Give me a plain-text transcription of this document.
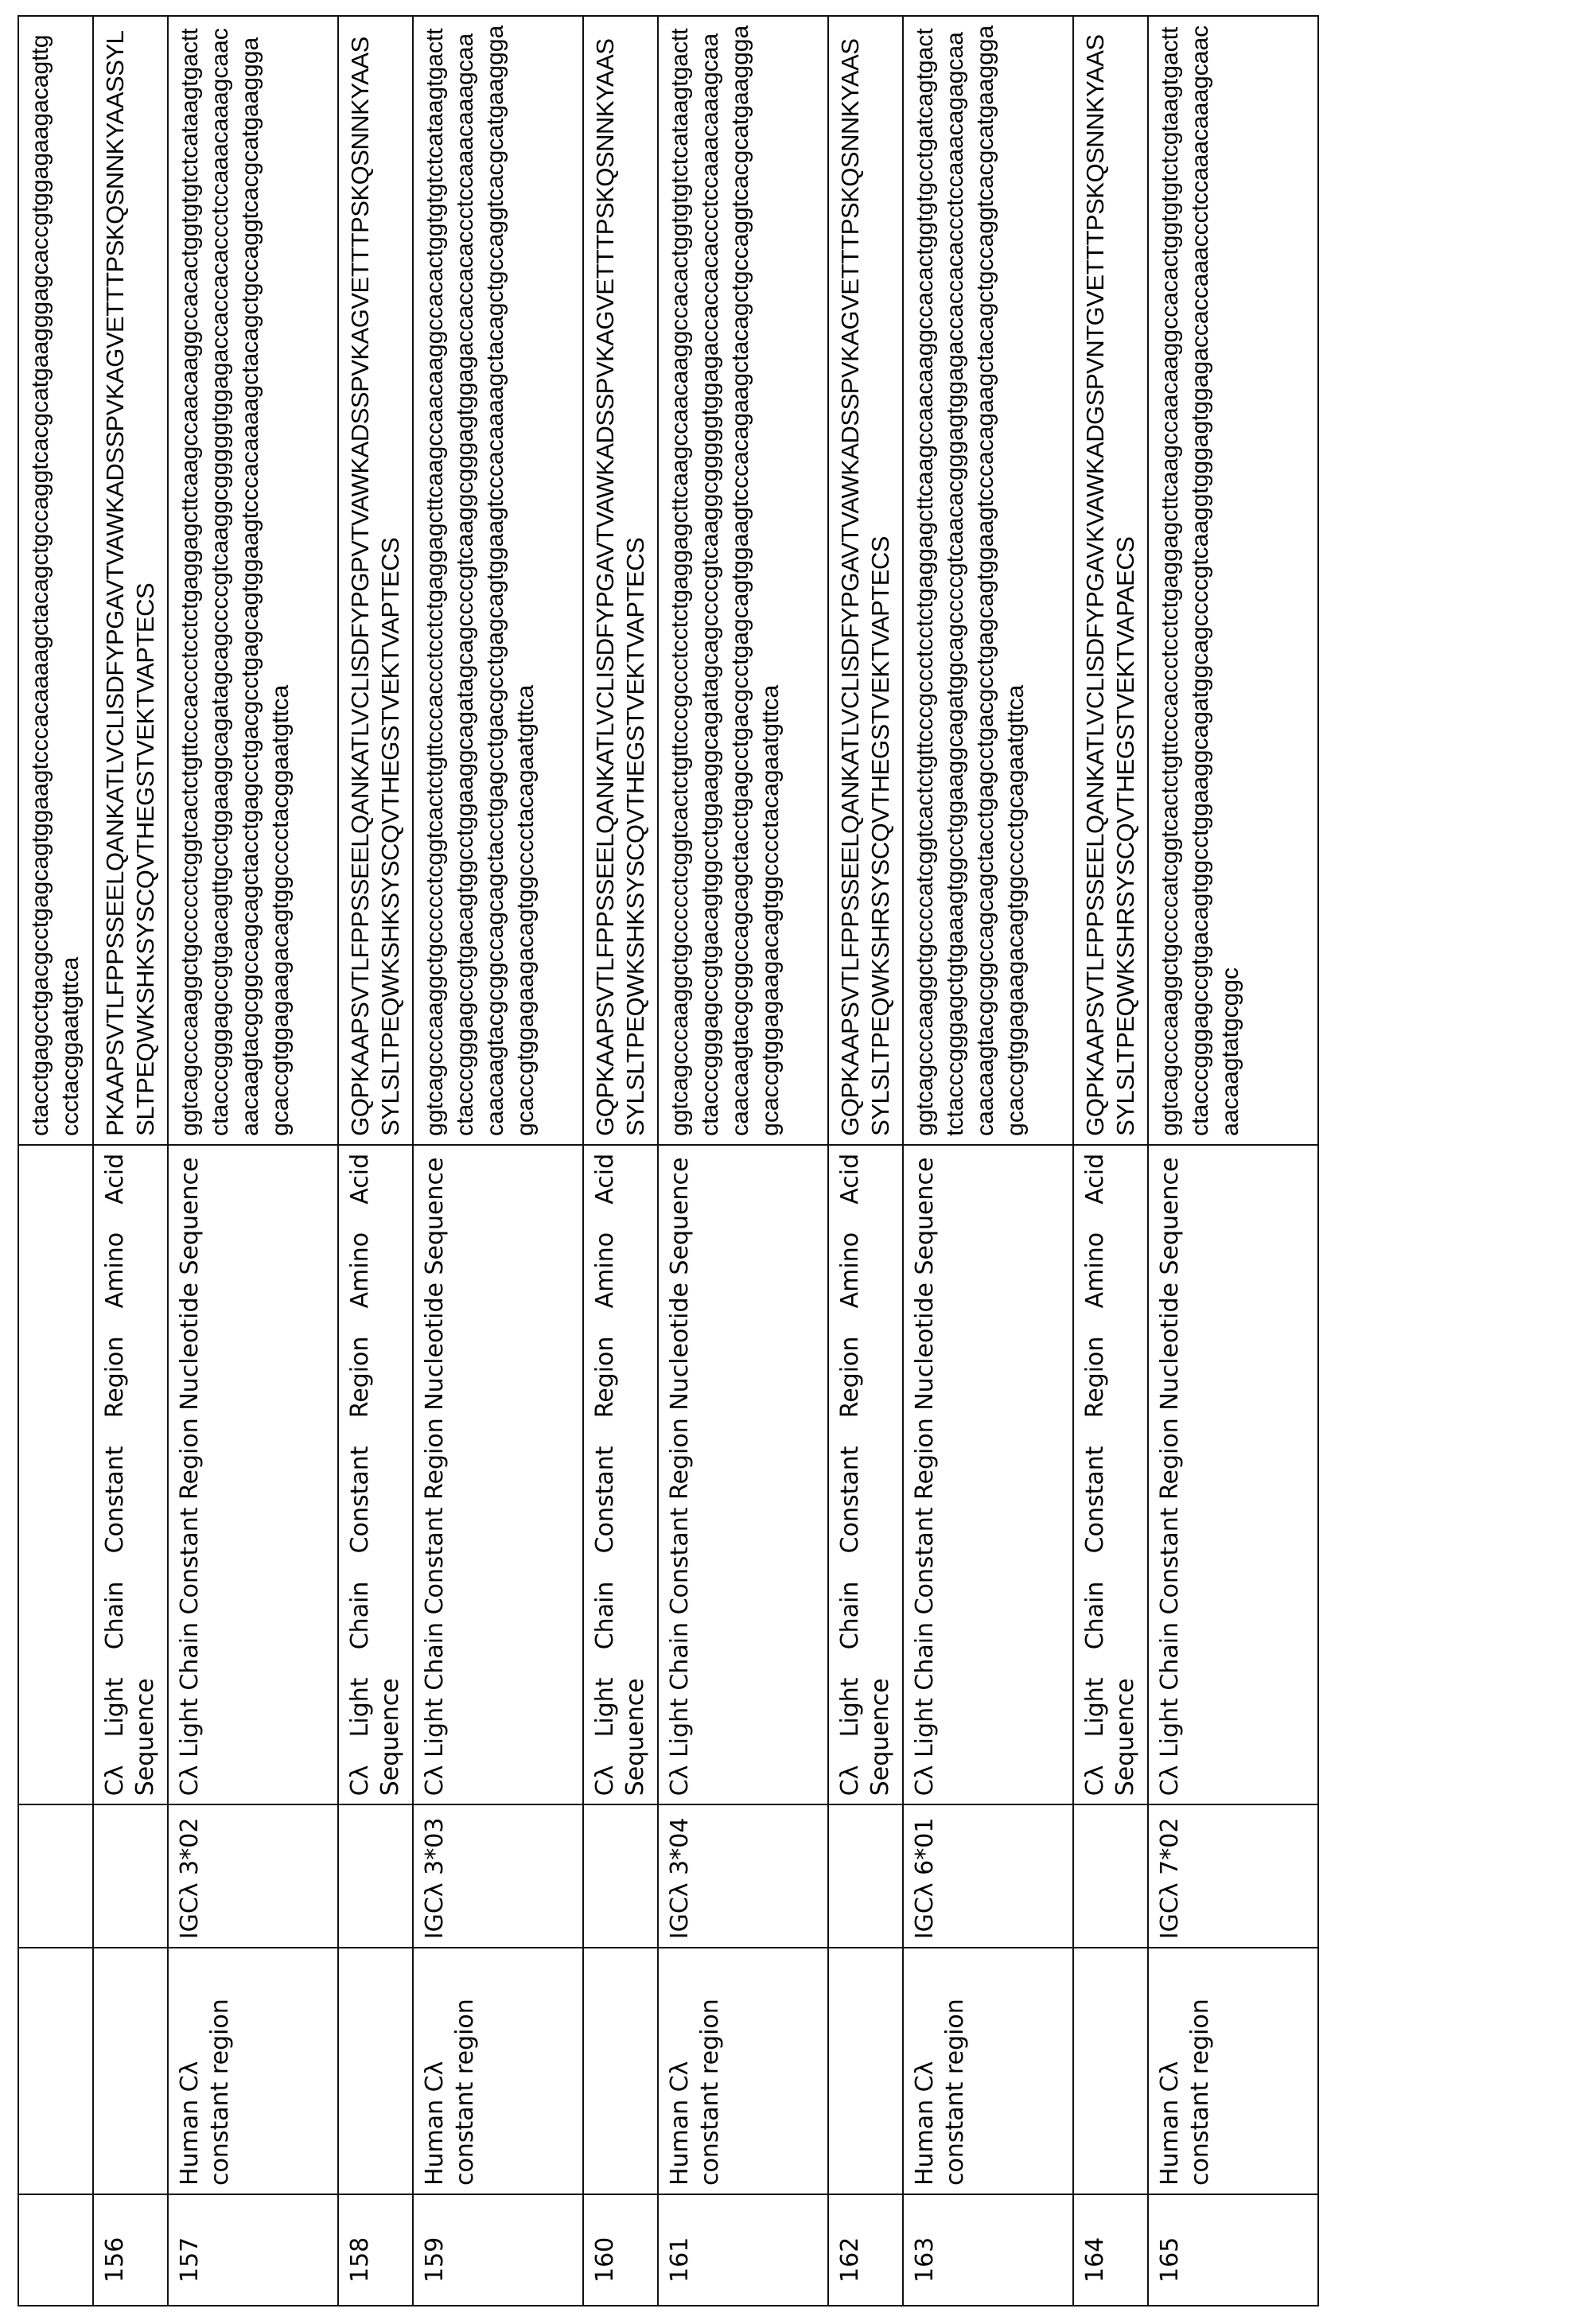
				ctacctgagcctgacgcctgagcagtggaagtcccacaaaagctacagctgccaggtcacgcatgaagggagcaccgtggagaagacagttgccctacggaatgttca
156			Cλ Light Chain Constant Region Amino Acid Sequence	PKAAPSVTLFPPSSEELQANKATLVCLISDFYPGAVTVAWKADSSPVKAGVETTTPSKQSNNKYAASSYLSLTPEQWKSHKSYSCQVTHEGSTVEKTVAPTECS
157	Human Cλ constant region	IGCλ 3*02	Cλ Light Chain Constant Region Nucleotide Sequence	ggtcagcccaaggctgccccctcggtcactctgttcccaccctcctctgaggagcttcaagccaacaaggccacactggtgtgtctcataagtgacttctacccgggagccgtgacagttgcctggaaggcagatagcagccccgtcaaggcgggggtggagaccaccacaccctccaaacaaagcaacaacaagtacgcggccagcagctacctgagcctgacgcctgagcagtggaagtcccacaaaagctacagctgccaggtcacgcatgaagggagcaccgtggagaagacagtggcccctacggaatgttca
158			Cλ Light Chain Constant Region Amino Acid Sequence	GQPKAAPSVTLFPPSSEELQANKATLVCLISDFYPGPVTVAWKADSSPVKAGVETTTPSKQSNNKYAASSYLSLTPEQWKSHKSYSCQVTHEGSTVEKTVAPTECS
159	Human Cλ constant region	IGCλ 3*03	Cλ Light Chain Constant Region Nucleotide Sequence	ggtcagcccaaggctgccccctcggtcactctgttcccaccctcctctgaggagcttcaagccaacaaggccacactggtgtgtctcataagtgacttctacccgggagccgtgacagtggcctggaaggcagatagcagccccgtcaaggcgggagtggagaccaccacaccctccaaacaaagcaacaacaagtacgcggccagcagctacctgagcctgacgcctgagcagtggaagtcccacaaaagctacagctgccaggtcacgcatgaagggagcaccgtggagaagacagtggcccctacagaatgttca
160			Cλ Light Chain Constant Region Amino Acid Sequence	GQPKAAPSVTLFPPSSEELQANKATLVCLISDFYPGAVTVAWKADSSPVKAGVETTTPSKQSNNKYAASSYLSLTPEQWKSHKSYSCQVTHEGSTVEKTVAPTECS
161	Human Cλ constant region	IGCλ 3*04	Cλ Light Chain Constant Region Nucleotide Sequence	ggtcagcccaaggctgccccctcggtcactctgttcccgccctcctctgaggagcttcaagccaacaaggccacactggtgtgtctcataagtgacttctacccgggagccgtgacagtggcctggaaggcagatagcagccccgtcaaggcgggggtggagaccaccacaccctccaaacaaagcaacaacaagtacgcggccagcagctacctgagcctgacgcctgagcagtggaagtcccacagaagctacagctgccaggtcacgcatgaagggagcaccgtggagaagacagtggcccctacagaatgttca
162			Cλ Light Chain Constant Region Amino Acid Sequence	GQPKAAPSVTLFPPSSEELQANKATLVCLISDFYPGAVTVAWKADSSPVKAGVETTTPSKQSNNKYAASSYLSLTPEQWKSHRSYSCQVTHEGSTVEKTVAPTECS
163	Human Cλ constant region	IGCλ 6*01	Cλ Light Chain Constant Region Nucleotide Sequence	ggtcagcccaaggctgccccatcggtcactctgttcccgccctcctctgaggagcttcaagccaacaaggccacactggtgtgcctgatcagtgacttctacccgggagctgtgaaagtggcctggaaggcagatggcagccccgtcaacacgggagtggagaccaccacaccctccaaacagagcaacaacaagtacgcggccagcagctacctgagcctgacgcctgagcagtggaagtcccacagaagctacagctgccaggtcacgcatgaagggagcaccgtggagaagacagtggcccctgcagaatgttca
164			Cλ Light Chain Constant Region Amino Acid Sequence	GQPKAAPSVTLFPPSSEELQANKATLVCLISDFYPGAVKVAWKADGSPVNTGVETTTPSKQSNNKYAASSYLSLTPEQWKSHRSYSCQVTHEGSTVEKTVAPAECS
165	Human Cλ constant region	IGCλ 7*02	Cλ Light Chain Constant Region Nucleotide Sequence	ggtcagcccaaggctgccccatcggtcactctgttcccaccctcctctgaggagcttcaagccaacaaggccacactggtgtgtctcgtaagtgacttctacccgggagccgtgacagtggcctggaaggcagatggcagccccgtcaaggtgggagtggagaccaccaaaccctccaaacaaagcaacaacaagtatgcggc
